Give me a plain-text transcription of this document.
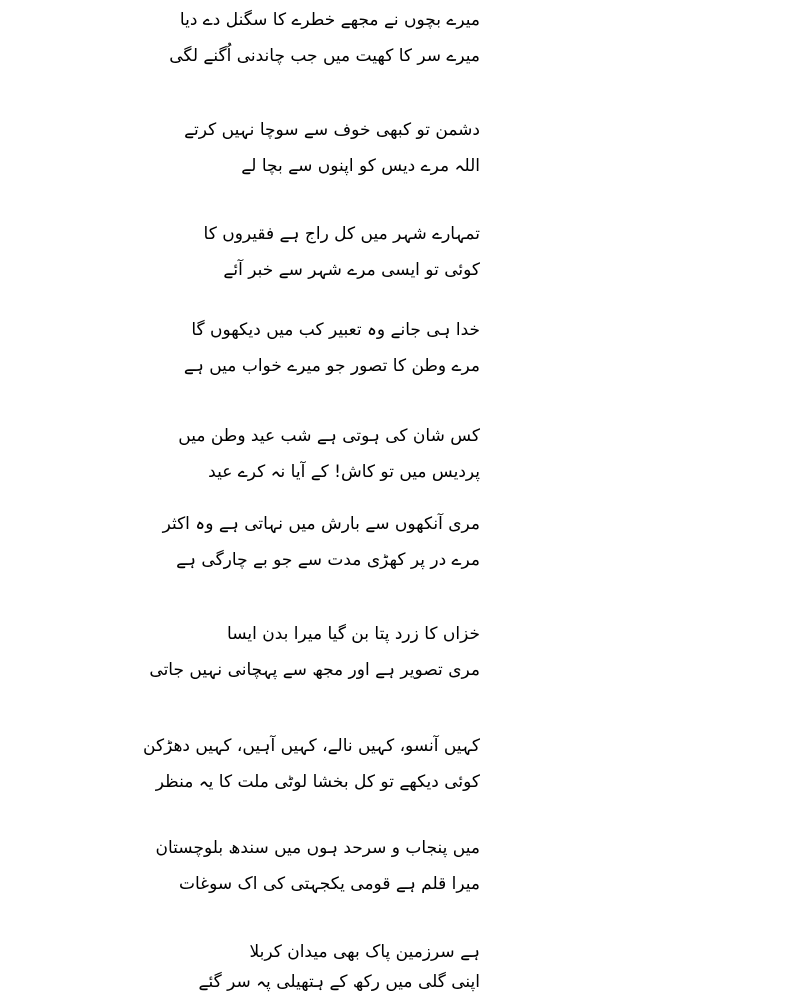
میرے بچوں نے مجھے خطرے کا سگنل دے دیا
میرے سر کا کھیت میں جب چاندنی اُگنے لگی
دشمن تو کبھی خوف سے سوچا نہیں کرتے
اللہ مرے دیس کو اپنوں سے بچا لے
تمہارے شہر میں کل راج ہے فقیروں کا
کوئی تو ایسی مرے شہر سے خبر آئے
خدا ہی جانے وہ تعبیر کب میں دیکھوں گا
مرے وطن کا تصور جو میرے خواب میں ہے
کس شان کی ہوتی ہے شب عید وطن میں
پردیس میں تو کاش! کے آیا نہ کرے عید
مری آنکھوں سے بارش میں نہاتی ہے وہ اکثر
مرے در پر کھڑی مدت سے جو بے چارگی ہے
خزاں کا زرد پتا بن گیا میرا بدن ایسا
مری تصویر ہے اور مجھ سے پہچانی نہیں جاتی
کہیں آنسو، کہیں نالے، کہیں آہیں، کہیں دھڑکن
کوئی دیکھے تو کل بخشا لوٹی ملت کا یہ منظر
میں پنجاب و سرحد ہوں میں سندھ بلوچستان
میرا قلم ہے قومی یکجہتی کی اک سوغات
ہے سرزمین پاک بھی میدان کربلا
اپنی گلی میں رکھ کے ہتھیلی پہ سر گئے
